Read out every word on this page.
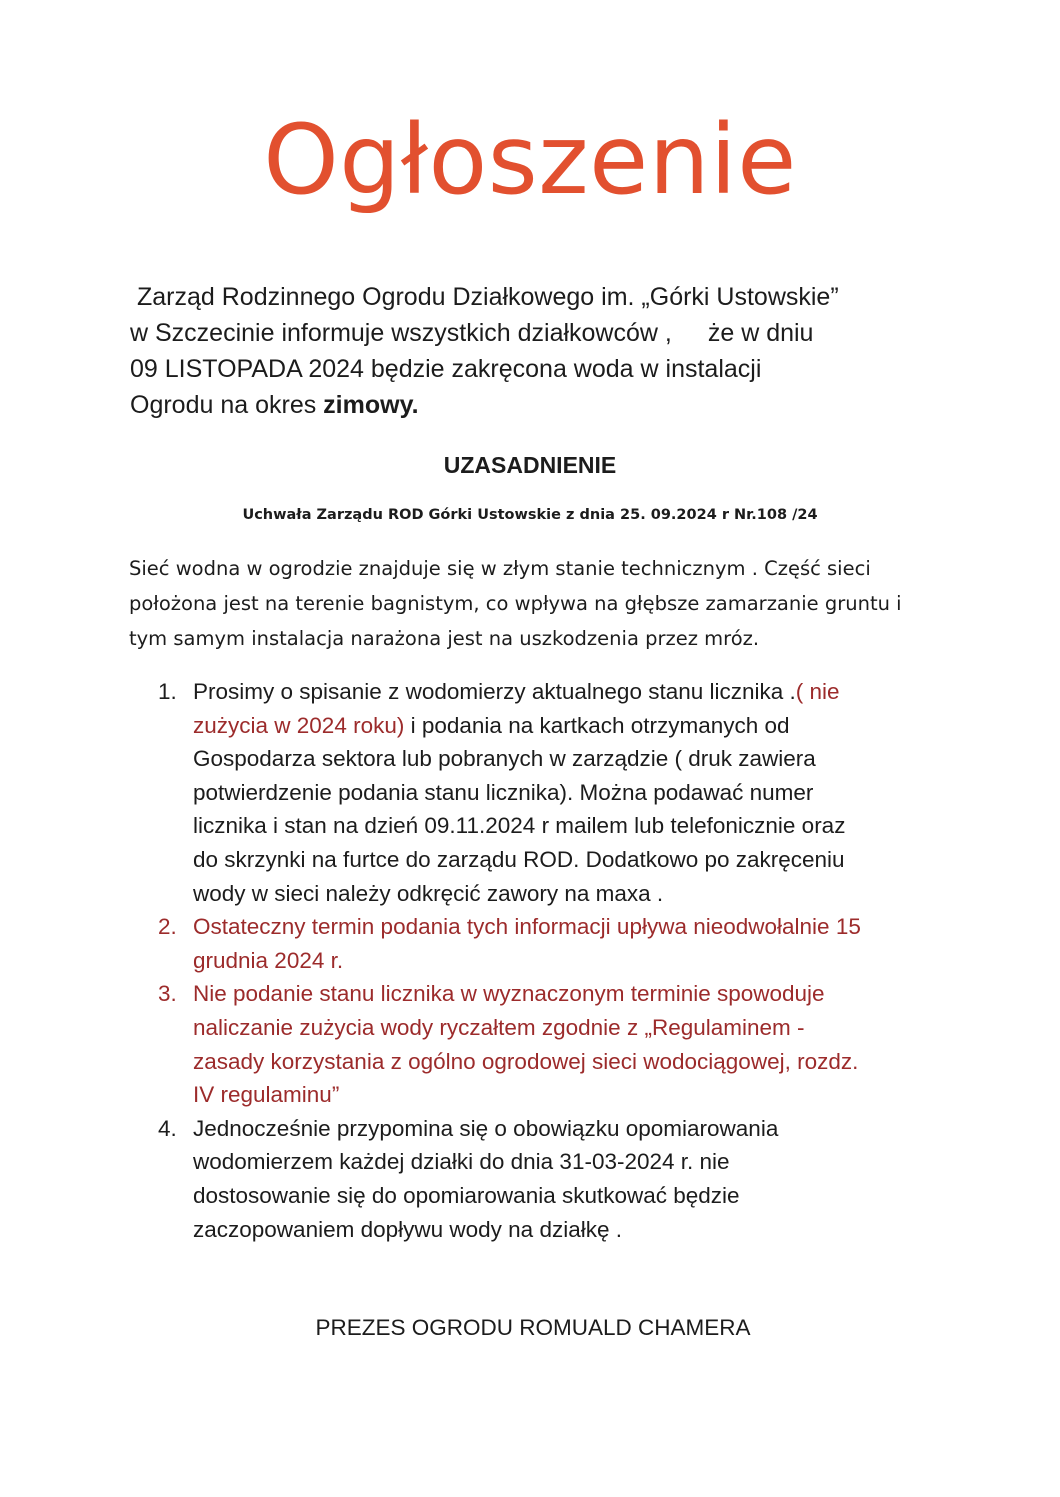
Ogłoszenie

Zarząd Rodzinnego Ogrodu Działkowego im. „Górki Ustowskie”
w Szczecinie informuje wszystkich działkowców , że w dniu
09 LISTOPADA 2024 będzie zakręcona woda w instalacji
Ogrodu na okres zimowy.

UZASADNIENIE

Uchwała Zarządu ROD Górki Ustowskie z dnia 25. 09.2024 r Nr.108 /24

Sieć wodna w ogrodzie znajduje się w złym stanie technicznym . Część sieci
położona jest na terenie bagnistym, co wpływa na głębsze zamarzanie gruntu i
tym samym instalacja narażona jest na uszkodzenia przez mróz.

1. Prosimy o spisanie z wodomierzy aktualnego stanu licznika .( nie
zużycia w 2024 roku) i podania na kartkach otrzymanych od
Gospodarza sektora lub pobranych w zarządzie ( druk zawiera
potwierdzenie podania stanu licznika). Można podawać numer
licznika i stan na dzień 09.11.2024 r mailem lub telefonicznie oraz
do skrzynki na furtce do zarządu ROD. Dodatkowo po zakręceniu
wody w sieci należy odkręcić zawory na maxa .
2. Ostateczny termin podania tych informacji upływa nieodwołalnie 15
grudnia 2024 r.
3. Nie podanie stanu licznika w wyznaczonym terminie spowoduje
naliczanie zużycia wody ryczałtem zgodnie z „Regulaminem -
zasady korzystania z ogólno ogrodowej sieci wodociągowej, rozdz.
IV regulaminu”
4. Jednocześnie przypomina się o obowiązku opomiarowania
wodomierzem każdej działki do dnia 31-03-2024 r. nie
dostosowanie się do opomiarowania skutkować będzie
zaczopowaniem dopływu wody na działkę .

PREZES OGRODU ROMUALD CHAMERA
